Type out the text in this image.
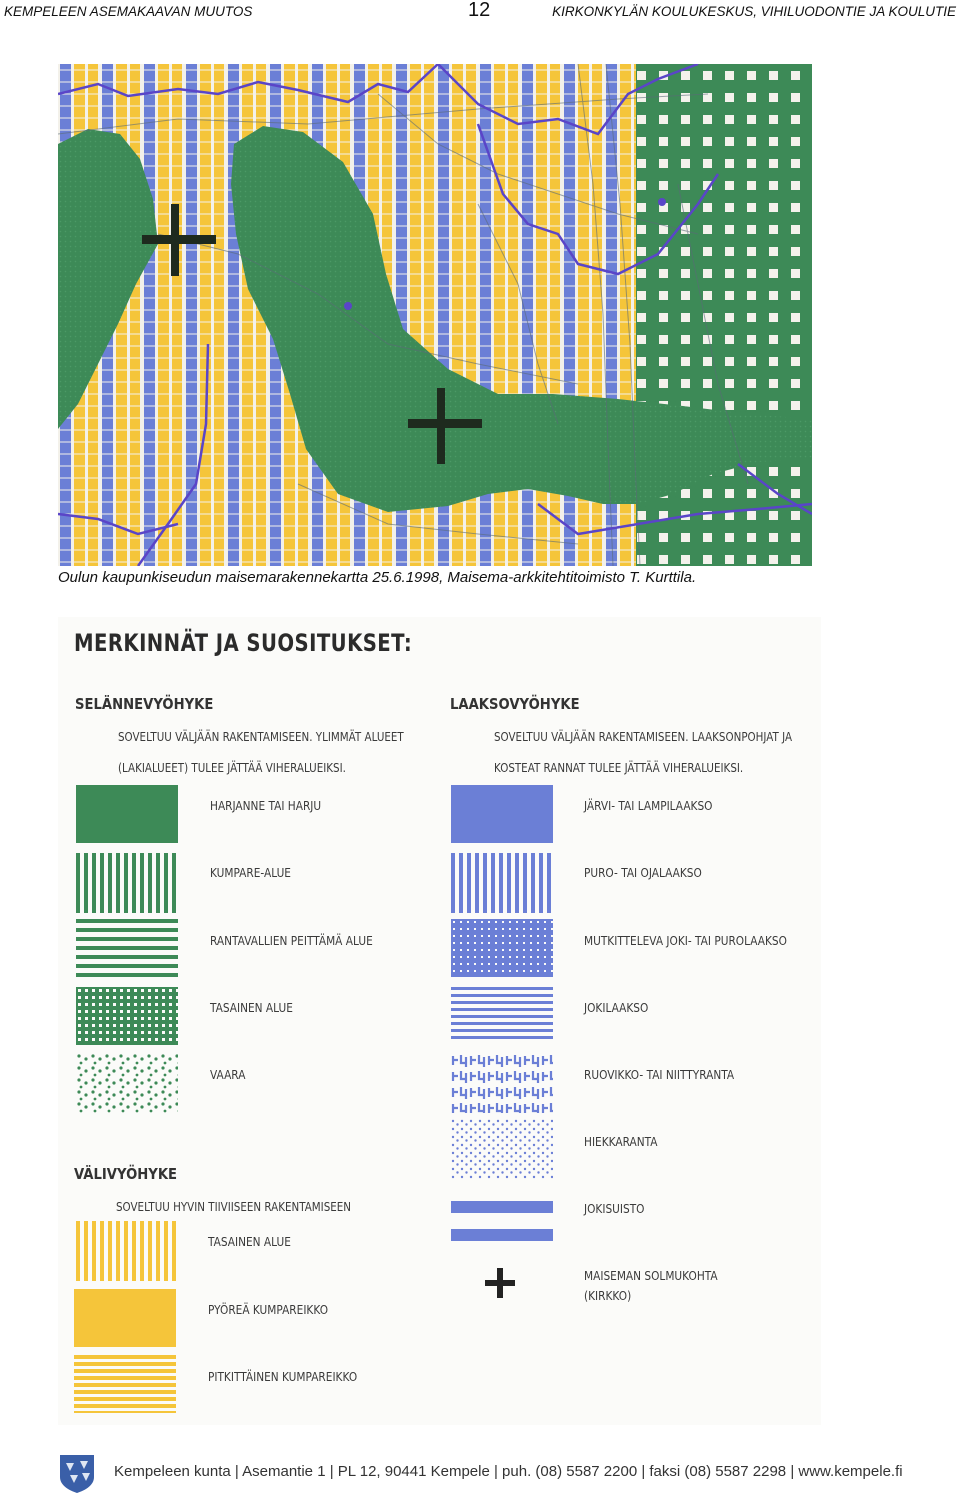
KEMPELEEN ASEMAKAAVAN MUUTOS	12	KIRKONKYLÄN KOULUKESKUS, VIHILUODONTIE JA KOULUTIE
Oulun kaupunkiseudun maisemarakennekartta 25.6.1998, Maisema-arkkitehtitoimisto T. Kurttila.
MERKINNÄT JA SUOSITUKSET:
SELÄNNEVYÖHYKE
SOVELTUU VÄLJÄÄN RAKENTAMISEEN. YLIMMÄT ALUEET
(LAKIALUEET) TULEE JÄTTÄÄ VIHERALUEIKSI.
HARJANNE TAI HARJU
KUMPARE-ALUE
RANTAVALLIEN PEITTÄMÄ ALUE
TASAINEN ALUE
VAARA
VÄLIVYÖHYKE
SOVELTUU HYVIN TIIVIISEEN RAKENTAMISEEN
TASAINEN ALUE
PYÖREÄ KUMPAREIKKO
PITKITTÄINEN KUMPAREIKKO
LAAKSOVYÖHYKE
SOVELTUU VÄLJÄÄN RAKENTAMISEEN. LAAKSONPOHJAT JA
KOSTEAT RANNAT TULEE JÄTTÄÄ VIHERALUEIKSI.
JÄRVI- TAI LAMPILAAKSO
PURO- TAI OJALAAKSO
MUTKITTELEVA JOKI- TAI PUROLAAKSO
JOKILAAKSO
RUOVIKKO- TAI NIITTYRANTA
HIEKKARANTA
JOKISUISTO
MAISEMAN SOLMUKOHTA
(KIRKKO)
Kempeleen kunta | Asemantie 1 | PL 12, 90441 Kempele | puh. (08) 5587 2200 | faksi (08) 5587 2298 | www.kempele.fi
